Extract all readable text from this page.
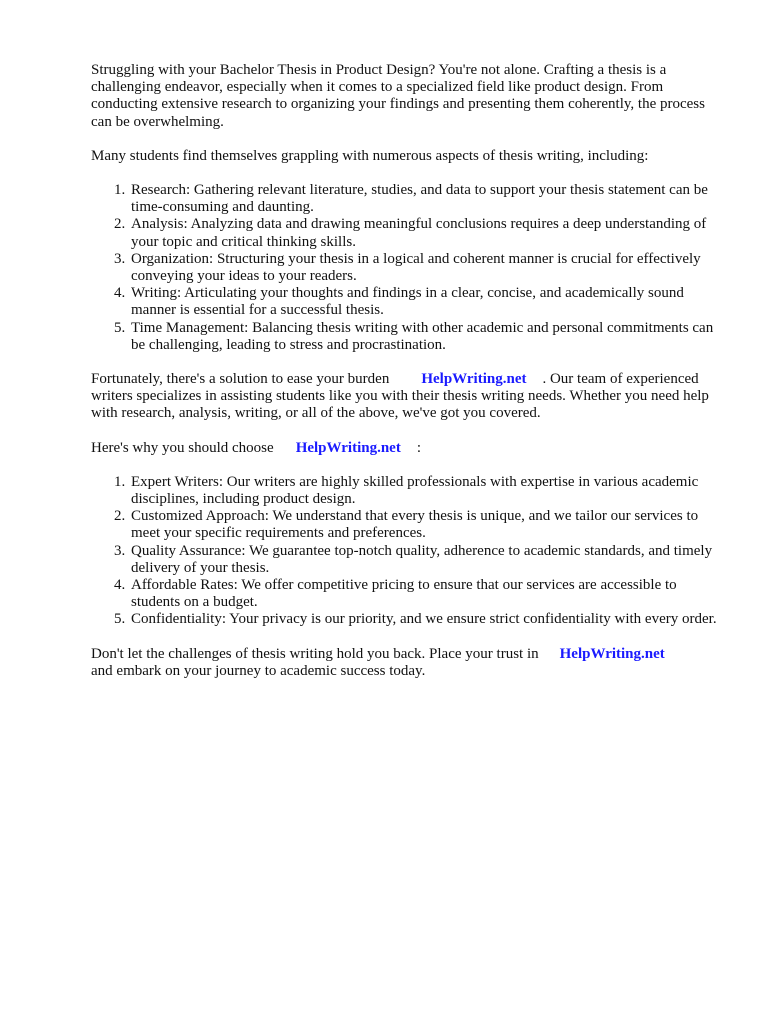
Struggling with your Bachelor Thesis in Product Design? You're not alone. Crafting a thesis is a challenging endeavor, especially when it comes to a specialized field like product design. From conducting extensive research to organizing your findings and presenting them coherently, the process can be overwhelming.

Many students find themselves grappling with numerous aspects of thesis writing, including:

1. Research: Gathering relevant literature, studies, and data to support your thesis statement can be time-consuming and daunting.
2. Analysis: Analyzing data and drawing meaningful conclusions requires a deep understanding of your topic and critical thinking skills.
3. Organization: Structuring your thesis in a logical and coherent manner is crucial for effectively conveying your ideas to your readers.
4. Writing: Articulating your thoughts and findings in a clear, concise, and academically sound manner is essential for a successful thesis.
5. Time Management: Balancing thesis writing with other academic and personal commitments can be challenging, leading to stress and procrastination.

Fortunately, there's a solution to ease your burden HelpWriting.net . Our team of experienced writers specializes in assisting students like you with their thesis writing needs. Whether you need help with research, analysis, writing, or all of the above, we've got you covered.

Here's why you should choose HelpWriting.net :

1. Expert Writers: Our writers are highly skilled professionals with expertise in various academic disciplines, including product design.
2. Customized Approach: We understand that every thesis is unique, and we tailor our services to meet your specific requirements and preferences.
3. Quality Assurance: We guarantee top-notch quality, adherence to academic standards, and timely delivery of your thesis.
4. Affordable Rates: We offer competitive pricing to ensure that our services are accessible to students on a budget.
5. Confidentiality: Your privacy is our priority, and we ensure strict confidentiality with every order.

Don't let the challenges of thesis writing hold you back. Place your trust in HelpWriting.net
and embark on your journey to academic success today.
